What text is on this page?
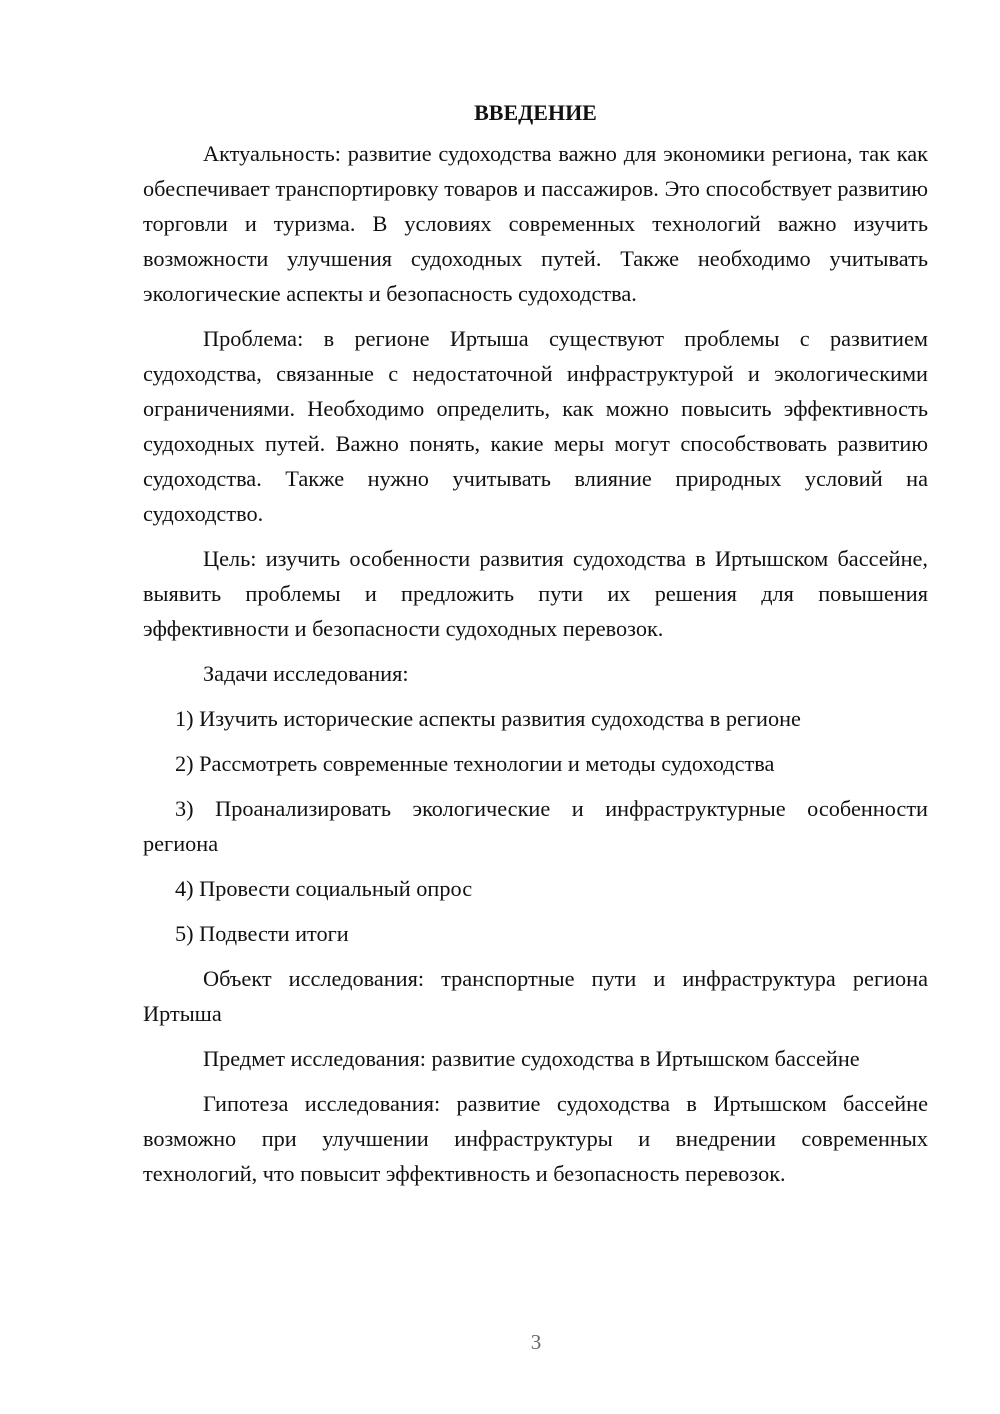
ВВЕДЕНИЕ

Актуальность: развитие судоходства важно для экономики региона, так как обеспечивает транспортировку товаров и пассажиров. Это способствует развитию торговли и туризма. В условиях современных технологий важно изучить возможности улучшения судоходных путей. Также необходимо учитывать экологические аспекты и безопасность судоходства.

Проблема: в регионе Иртыша существуют проблемы с развитием судоходства, связанные с недостаточной инфраструктурой и экологическими ограничениями. Необходимо определить, как можно повысить эффективность судоходных путей. Важно понять, какие меры могут способствовать развитию судоходства. Также нужно учитывать влияние природных условий на судоходство.

Цель: изучить особенности развития судоходства в Иртышском бассейне, выявить проблемы и предложить пути их решения для повышения эффективности и безопасности судоходных перевозок.

Задачи исследования:

1) Изучить исторические аспекты развития судоходства в регионе

2) Рассмотреть современные технологии и методы судоходства

3) Проанализировать экологические и инфраструктурные особенности региона

4) Провести социальный опрос

5) Подвести итоги

Объект исследования: транспортные пути и инфраструктура региона Иртыша

Предмет исследования: развитие судоходства в Иртышском бассейне

Гипотеза исследования: развитие судоходства в Иртышском бассейне возможно при улучшении инфраструктуры и внедрении современных технологий, что повысит эффективность и безопасность перевозок.

3
